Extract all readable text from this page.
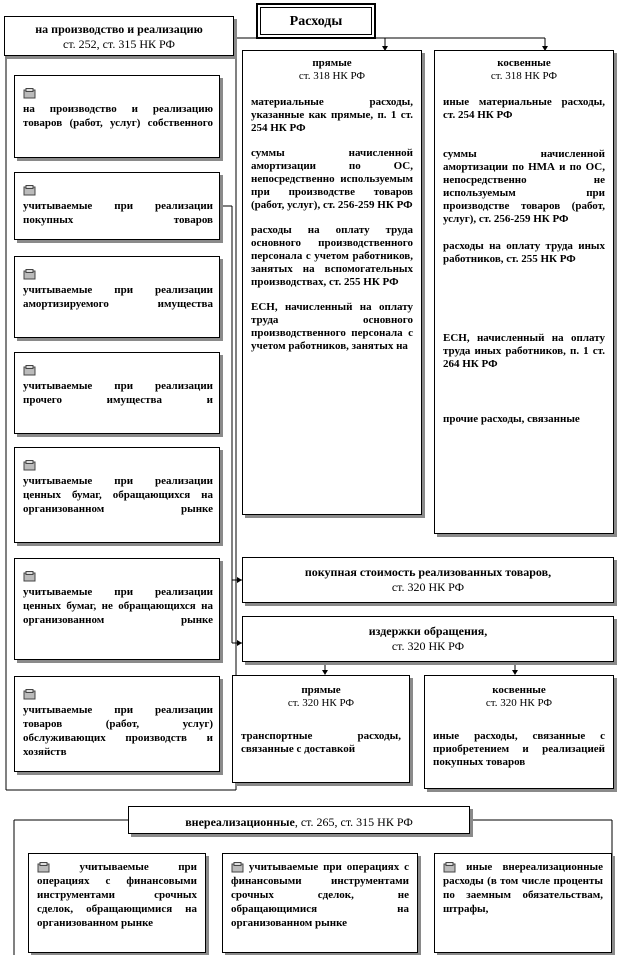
на производство и реализацию
ст. 252, ст. 315 НК РФ
Расходы
прямые
ст. 318 НК РФ
материальные расходы, указанные как прямые, п. 1 ст. 254 НК РФ
суммы начисленной амортизации по ОС, непосредственно используемым при производстве товаров (работ, услуг), ст. 256-259 НК РФ
расходы на оплату труда основного производственного персонала с учетом работников, занятых на вспомогательных производствах, ст. 255 НК РФ
ЕСН, начисленный на оплату труда основного производственного персонала с учетом работников, занятых на
косвенные
ст. 318 НК РФ
иные материальные расходы, ст. 254 НК РФ
суммы начисленной амортизации по НМА и по ОС, непосредственно не используемым при производстве товаров (работ, услуг), ст. 256-259 НК РФ
расходы на оплату труда иных работников, ст. 255 НК РФ
ЕСН, начисленный на оплату труда иных работников, п. 1 ст. 264 НК РФ
прочие расходы, связанные
на производство и реализацию товаров (работ, услуг) собственного
учитываемые при реализации покупных товаров
учитываемые при реализации амортизируемого имущества
учитываемые при реализации прочего имущества и
учитываемые при реализации ценных бумаг, обращающихся на организованном рынке
учитываемые при реализации ценных бумаг, не обращающихся на организованном рынке
учитываемые при реализации товаров (работ, услуг) обслуживающих производств и хозяйств
покупная стоимость реализованных товаров,
ст. 320 НК РФ
издержки обращения,
ст. 320 НК РФ
прямые
ст. 320 НК РФ
транспортные расходы, связанные с доставкой
косвенные
ст. 320 НК РФ
иные расходы, связанные с приобретением и реализацией покупных товаров
внереализационные, ст. 265, ст. 315 НК РФ
учитываемые при операциях с финансовыми инструментами срочных сделок, обращающимися на организованном рынке
учитываемые при операциях с финансовыми инструментами срочных сделок, не обращающимися на организованном рынке
иные внереализационные расходы (в том числе проценты по заемным обязательствам, штрафы,
